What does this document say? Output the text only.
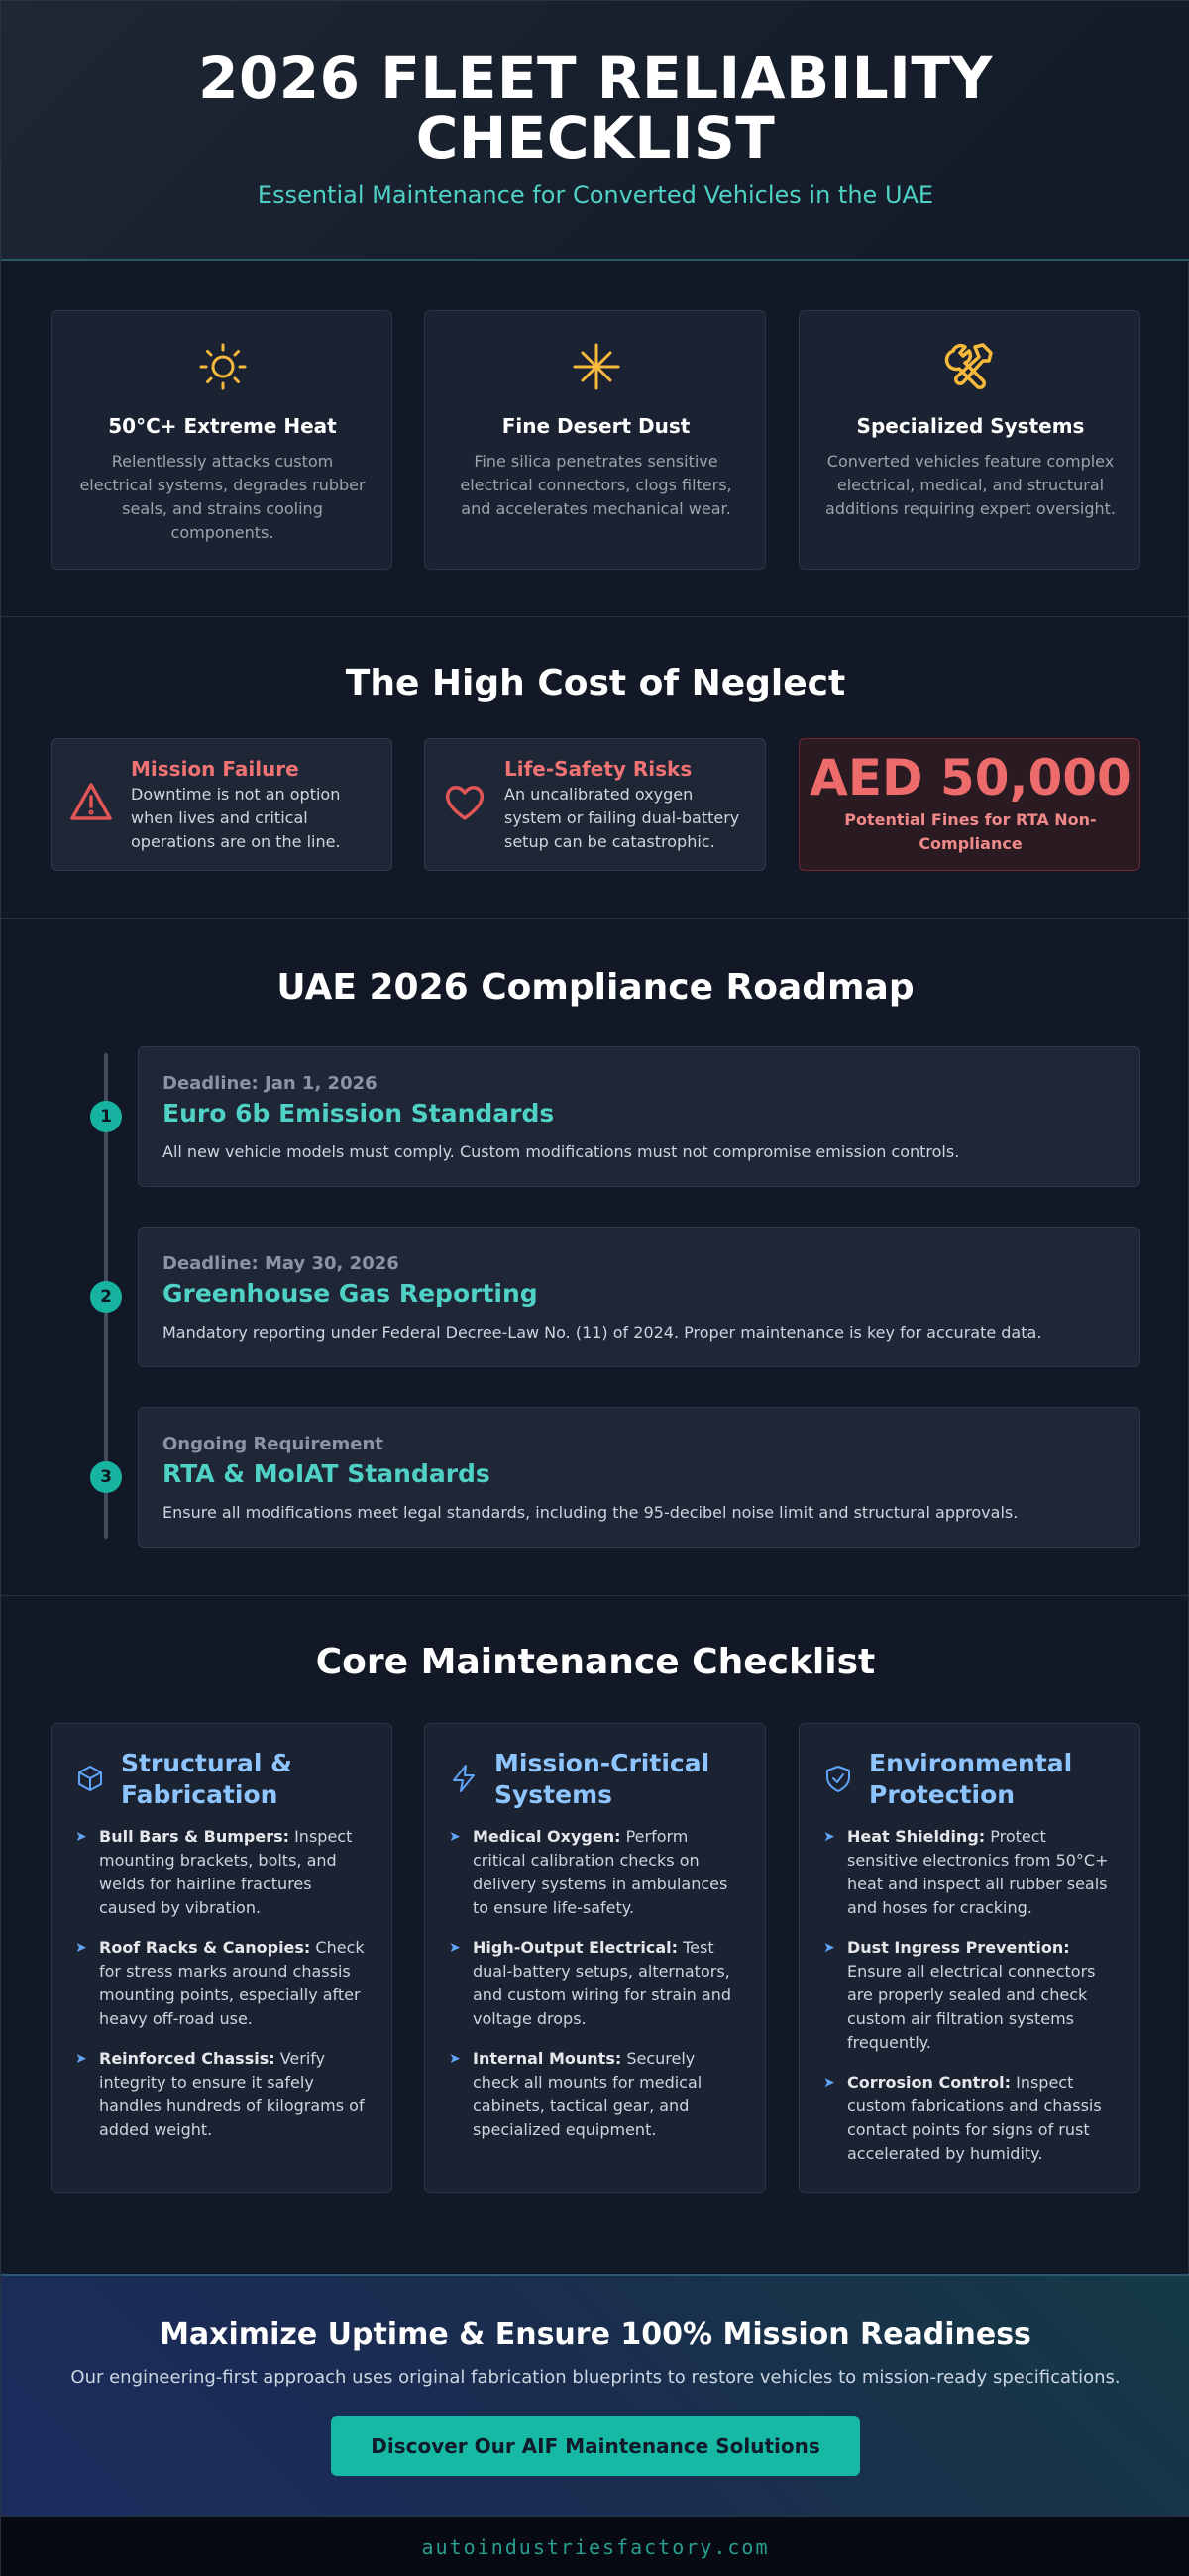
2026 FLEET RELIABILITY
CHECKLIST

Essential Maintenance for Converted Vehicles in the UAE

50°C+ Extreme Heat
Relentlessly attacks custom electrical systems, degrades rubber seals, and strains cooling components.
Fine Desert Dust
Fine silica penetrates sensitive electrical connectors, clogs filters, and accelerates mechanical wear.
Specialized Systems
Converted vehicles feature complex electrical, medical, and structural additions requiring expert oversight.
The High Cost of Neglect
Mission Failure
Downtime is not an option when lives and critical operations are on the line.
Life-Safety Risks
An uncalibrated oxygen system or failing dual-battery setup can be catastrophic.
AED 50,000
Potential Fines for RTA Non-Compliance
UAE 2026 Compliance Roadmap
1
Deadline: Jan 1, 2026
Euro 6b Emission Standards
All new vehicle models must comply. Custom modifications must not compromise emission controls.
2
Deadline: May 30, 2026
Greenhouse Gas Reporting
Mandatory reporting under Federal Decree-Law No. (11) of 2024. Proper maintenance is key for accurate data.
3
Ongoing Requirement
RTA & MoIAT Standards
Ensure all modifications meet legal standards, including the 95-decibel noise limit and structural approvals.
Core Maintenance Checklist
Structural & Fabrication
➤ Bull Bars & Bumpers: Inspect mounting brackets, bolts, and welds for hairline fractures caused by vibration.
➤ Roof Racks & Canopies: Check for stress marks around chassis mounting points, especially after heavy off-road use.
➤ Reinforced Chassis: Verify integrity to ensure it safely handles hundreds of kilograms of added weight.
Mission-Critical Systems
➤ Medical Oxygen: Perform critical calibration checks on delivery systems in ambulances to ensure life-safety.
➤ High-Output Electrical: Test dual-battery setups, alternators, and custom wiring for strain and voltage drops.
➤ Internal Mounts: Securely check all mounts for medical cabinets, tactical gear, and specialized equipment.
Environmental Protection
➤ Heat Shielding: Protect sensitive electronics from 50°C+ heat and inspect all rubber seals and hoses for cracking.
➤ Dust Ingress Prevention: Ensure all electrical connectors are properly sealed and check custom air filtration systems frequently.
➤ Corrosion Control: Inspect custom fabrications and chassis contact points for signs of rust accelerated by humidity.
Maximize Uptime & Ensure 100% Mission Readiness

Our engineering-first approach uses original fabrication blueprints to restore vehicles to mission-ready specifications.

Discover Our AIF Maintenance Solutions
autoindustriesfactory.com
